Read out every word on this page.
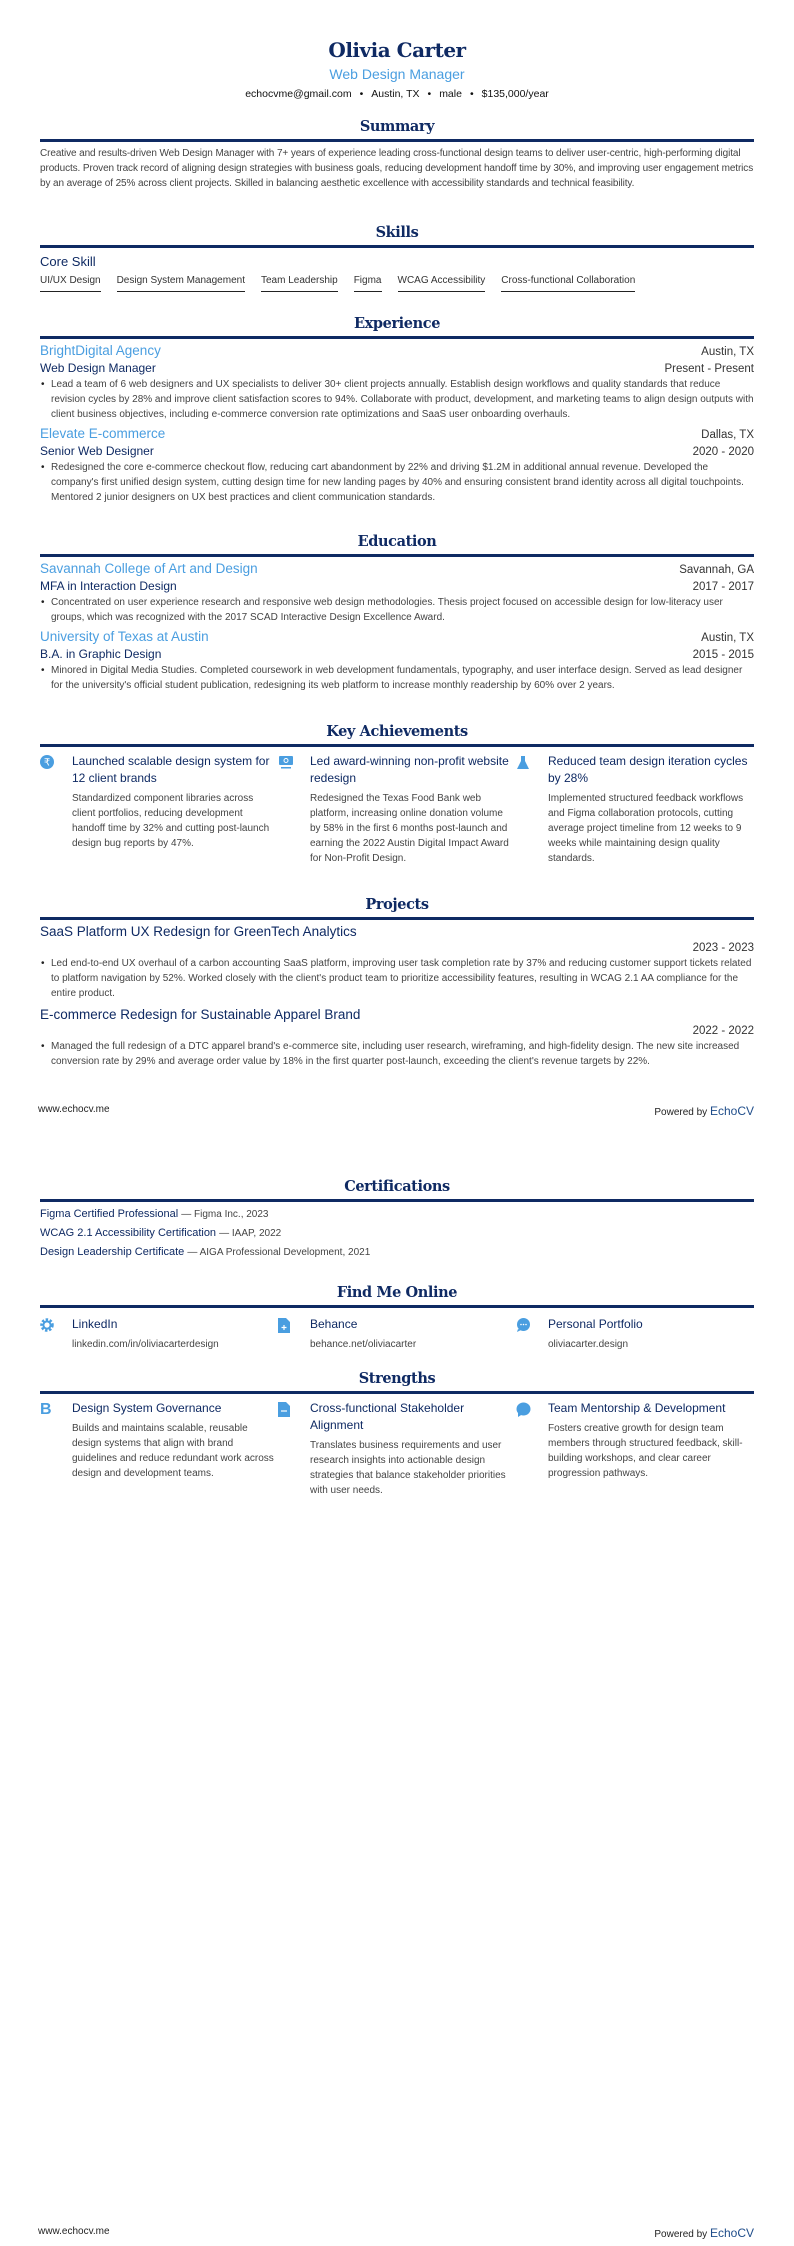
Olivia Carter
Web Design Manager
echocvme@gmail.com • Austin, TX • male • $135,000/year
Summary
Creative and results-driven Web Design Manager with 7+ years of experience leading cross-functional design teams to deliver user-centric, high-performing digital products. Proven track record of aligning design strategies with business goals, reducing development handoff time by 30%, and improving user engagement metrics by an average of 25% across client projects. Skilled in balancing aesthetic excellence with accessibility standards and technical feasibility.
Skills
Core Skill
UI/UX Design Design System Management Team Leadership Figma WCAG Accessibility Cross-functional Collaboration
Experience
BrightDigital Agency	Austin, TX
Web Design Manager	Present - Present
• Lead a team of 6 web designers and UX specialists to deliver 30+ client projects annually. Establish design workflows and quality standards that reduce revision cycles by 28% and improve client satisfaction scores to 94%. Collaborate with product, development, and marketing teams to align design outputs with client business objectives, including e-commerce conversion rate optimizations and SaaS user onboarding overhauls.
Elevate E-commerce	Dallas, TX
Senior Web Designer	2020 - 2020
• Redesigned the core e-commerce checkout flow, reducing cart abandonment by 22% and driving $1.2M in additional annual revenue. Developed the company's first unified design system, cutting design time for new landing pages by 40% and ensuring consistent brand identity across all digital touchpoints. Mentored 2 junior designers on UX best practices and client communication standards.
Education
Savannah College of Art and Design	Savannah, GA
MFA in Interaction Design	2017 - 2017
• Concentrated on user experience research and responsive web design methodologies. Thesis project focused on accessible design for low-literacy user groups, which was recognized with the 2017 SCAD Interactive Design Excellence Award.
University of Texas at Austin	Austin, TX
B.A. in Graphic Design	2015 - 2015
• Minored in Digital Media Studies. Completed coursework in web development fundamentals, typography, and user interface design. Served as lead designer for the university's official student publication, redesigning its web platform to increase monthly readership by 60% over 2 years.
Key Achievements
₹ Launched scalable design system for 12 client brands
Standardized component libraries across client portfolios, reducing development handoff time by 32% and cutting post-launch design bug reports by 47%.
Led award-winning non-profit website redesign
Redesigned the Texas Food Bank web platform, increasing online donation volume by 58% in the first 6 months post-launch and earning the 2022 Austin Digital Impact Award for Non-Profit Design.
Reduced team design iteration cycles by 28%
Implemented structured feedback workflows and Figma collaboration protocols, cutting average project timeline from 12 weeks to 9 weeks while maintaining design quality standards.
Projects
SaaS Platform UX Redesign for GreenTech Analytics
2023 - 2023
• Led end-to-end UX overhaul of a carbon accounting SaaS platform, improving user task completion rate by 37% and reducing customer support tickets related to platform navigation by 52%. Worked closely with the client's product team to prioritize accessibility features, resulting in WCAG 2.1 AA compliance for the entire product.
E-commerce Redesign for Sustainable Apparel Brand
2022 - 2022
• Managed the full redesign of a DTC apparel brand's e-commerce site, including user research, wireframing, and high-fidelity design. The new site increased conversion rate by 29% and average order value by 18% in the first quarter post-launch, exceeding the client's revenue targets by 22%.
www.echocv.me	Powered by EchoCV
Certifications
Figma Certified Professional — Figma Inc., 2023
WCAG 2.1 Accessibility Certification — IAAP, 2022
Design Leadership Certificate — AIGA Professional Development, 2021
Find Me Online
LinkedIn
linkedin.com/in/oliviacarterdesign
Behance
behance.net/oliviacarter
Personal Portfolio
oliviacarter.design
Strengths
B	Design System Governance
Builds and maintains scalable, reusable design systems that align with brand guidelines and reduce redundant work across design and development teams.
Cross-functional Stakeholder Alignment
Translates business requirements and user research insights into actionable design strategies that balance stakeholder priorities with user needs.
Team Mentorship & Development
Fosters creative growth for design team members through structured feedback, skill-building workshops, and clear career progression pathways.
www.echocv.me	Powered by EchoCV
